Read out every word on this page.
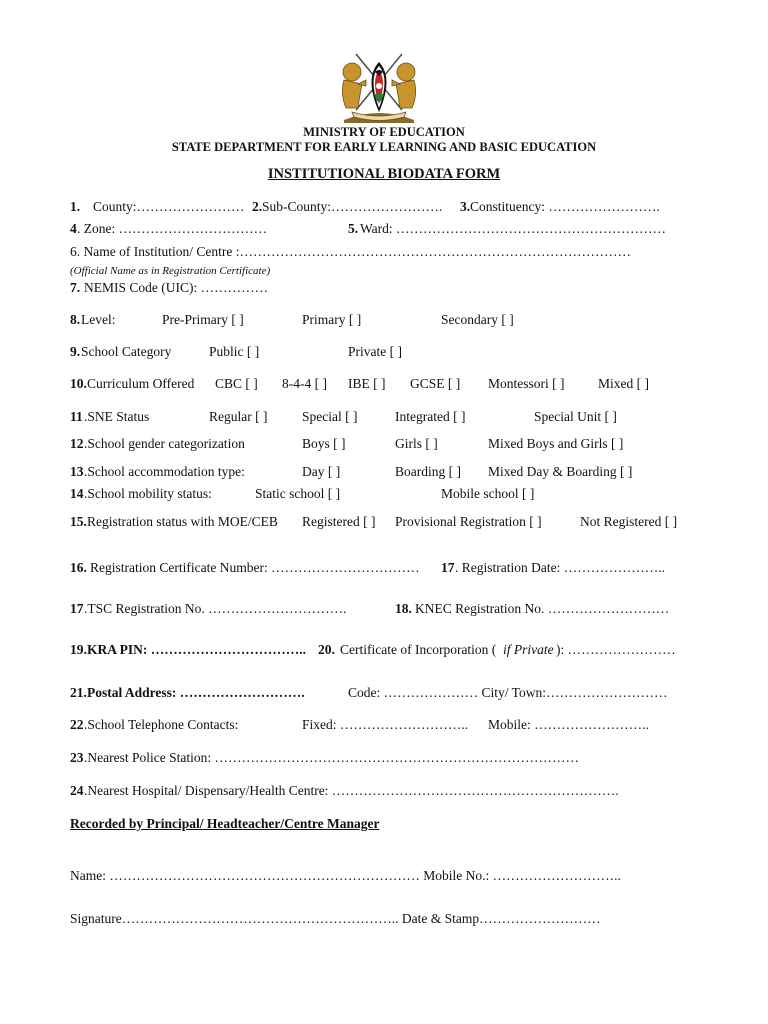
MINISTRY OF EDUCATION
STATE DEPARTMENT FOR EARLY LEARNING AND BASIC EDUCATION
INSTITUTIONAL BIODATA FORM
1. County:…………………… 2. Sub-County:……………………. 3. Constituency: …………………….
4 . Zone: ……………………………	5. Ward: ……………………………………………………
6. Name of Institution/ Centre :……………………………………………………………………………
(Official Name as in Registration Certificate)
7. NEMIS Code (UIC): ……………
8. Level:	Pre-Primary [ ]	Primary [ ]	Secondary [ ]
9. School Category	Public [ ]	Private [ ]
10. Curriculum Offered CBC [ ] 8-4-4 [ ] IBE [ ] GCSE [ ] Montessori [ ] Mixed [ ]
11 .SNE Status	Regular [ ]	Special [ ]	Integrated [ ]	Special Unit [ ]
12 .School gender categorization	Boys [ ]	Girls [ ]	Mixed Boys and Girls [ ]
13 .School accommodation type:	Day [ ]	Boarding [ ] Mixed Day & Boarding [ ]
14 .School mobility status:	Static school [ ]	Mobile school [ ]
15. Registration status with MOE/CEB Registered [ ] Provisional Registration [ ]	Not Registered [ ]
16. Registration Certificate Number: …………………………… 17 . Registration Date: …………………..
17 .TSC Registration No. ………………………….	18. KNEC Registration No. ………………………
19. KRA PIN: …………………………….. 20. Certificate of Incorporation ( if Private ): ……………………
21. Postal Address: ……………………….	Code: ………………… City/ Town:………………………
22 .School Telephone Contacts:	Fixed: ……………………….. Mobile: ……………………..
23 .Nearest Police Station: ………………………………………………………………………
24 .Nearest Hospital/ Dispensary/Health Centre: ……………………………………………………….
Recorded by Principal/ Headteacher/Centre Manager
Name: …………………………………………………………… Mobile No.: ………………………..
Signature…………………………………………………….. Date & Stamp………………………
